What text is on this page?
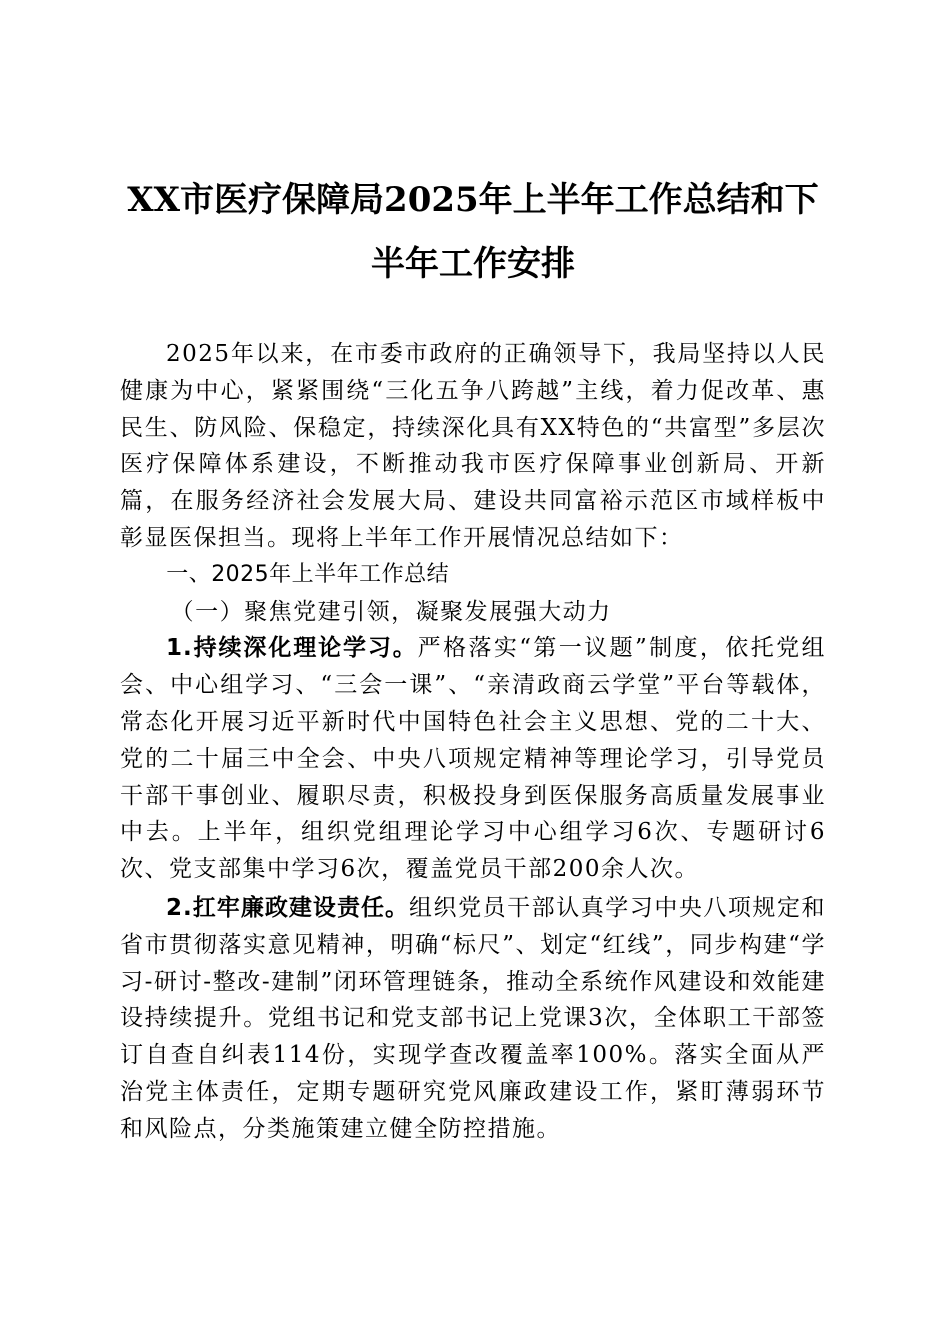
XX市医疗保障局2025年上半年工作总结和下
半年工作安排

2025年以来，在市委市政府的正确领导下，我局坚持以人民健康为中心，紧紧围绕“三化五争八跨越”主线，着力促改革、惠民生、防风险、保稳定，持续深化具有XX特色的“共富型”多层次医疗保障体系建设，不断推动我市医疗保障事业创新局、开新篇，在服务经济社会发展大局、建设共同富裕示范区市域样板中彰显医保担当。现将上半年工作开展情况总结如下：

一、2025年上半年工作总结

（一）聚焦党建引领，凝聚发展强大动力

1.持续深化理论学习。严格落实“第一议题”制度，依托党组会、中心组学习、“三会一课”、“亲清政商云学堂”平台等载体，常态化开展习近平新时代中国特色社会主义思想、党的二十大、党的二十届三中全会、中央八项规定精神等理论学习，引导党员干部干事创业、履职尽责，积极投身到医保服务高质量发展事业中去。上半年，组织党组理论学习中心组学习6次、专题研讨6次、党支部集中学习6次，覆盖党员干部200余人次。

2.扛牢廉政建设责任。组织党员干部认真学习中央八项规定和省市贯彻落实意见精神，明确“标尺”、划定“红线”，同步构建“学习-研讨-整改-建制”闭环管理链条，推动全系统作风建设和效能建设持续提升。党组书记和党支部书记上党课3次，全体职工干部签订自查自纠表114份，实现学查改覆盖率100%。落实全面从严治党主体责任，定期专题研究党风廉政建设工作，紧盯薄弱环节和风险点，分类施策建立健全防控措施。
